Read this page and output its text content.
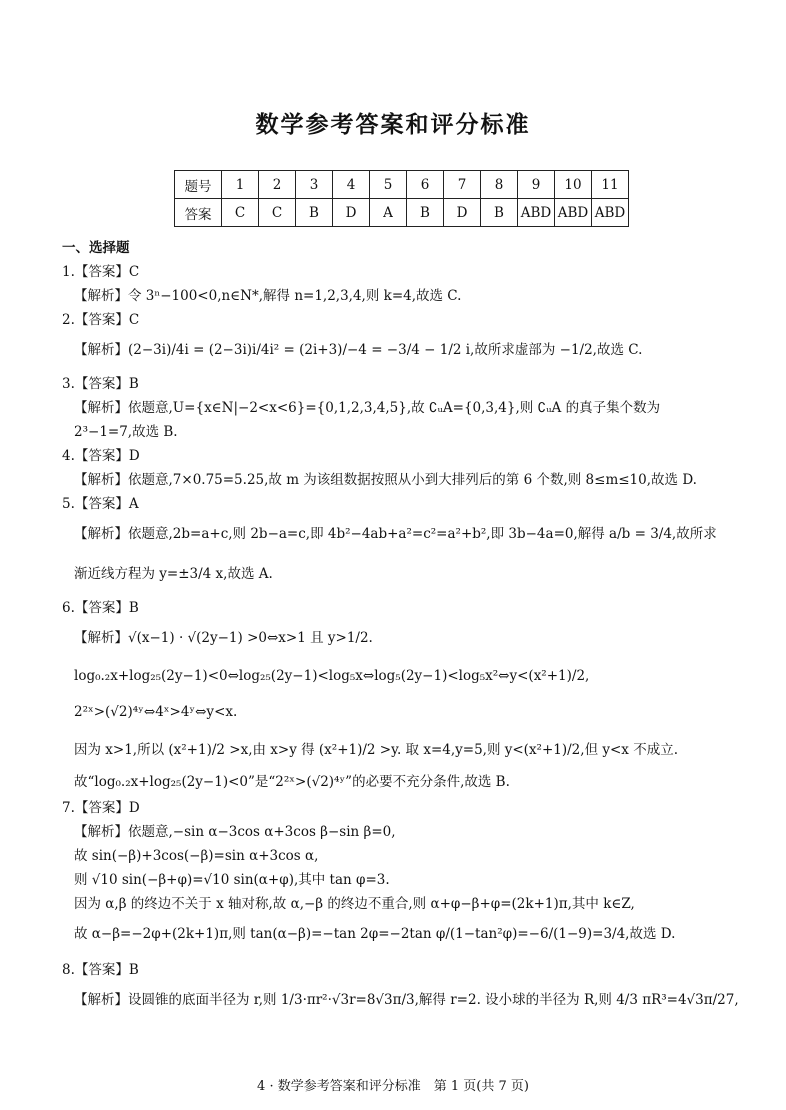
数学参考答案和评分标准
题号	1	2	3	4	5	6	7	8	9	10	11
答案	C	C	B	D	A	B	D	B	ABD	ABD	ABD
一、选择题
1.【答案】C
【解析】令 3ⁿ−100<0,n∈N*,解得 n=1,2,3,4,则 k=4,故选 C.
2.【答案】C
【解析】(2−3i)/4i = (2−3i)i/4i² = (2i+3)/−4 = −3/4 − 1/2 i,故所求虚部为 −1/2,故选 C.
3.【答案】B
【解析】依题意,U={x∈N|−2<x<6}={0,1,2,3,4,5},故 ∁ᵤA={0,3,4},则 ∁ᵤA 的真子集个数为
2³−1=7,故选 B.
4.【答案】D
【解析】依题意,7×0.75=5.25,故 m 为该组数据按照从小到大排列后的第 6 个数,则 8≤m≤10,故选 D.
5.【答案】A
【解析】依题意,2b=a+c,则 2b−a=c,即 4b²−4ab+a²=c²=a²+b²,即 3b−4a=0,解得 a/b = 3/4,故所求
渐近线方程为 y=±3/4 x,故选 A.
6.【答案】B
【解析】√(x−1) · √(2y−1) >0⇔x>1 且 y>1/2.
log₀.₂x+log₂₅(2y−1)<0⇔log₂₅(2y−1)<log₅x⇔log₅(2y−1)<log₅x²⇔y<(x²+1)/2,
2²ˣ>(√2)⁴ʸ⇔4ˣ>4ʸ⇔y<x.
因为 x>1,所以 (x²+1)/2 >x,由 x>y 得 (x²+1)/2 >y. 取 x=4,y=5,则 y<(x²+1)/2,但 y<x 不成立.
故“log₀.₂x+log₂₅(2y−1)<0”是“2²ˣ>(√2)⁴ʸ”的必要不充分条件,故选 B.
7.【答案】D
【解析】依题意,−sin α−3cos α+3cos β−sin β=0,
故 sin(−β)+3cos(−β)=sin α+3cos α,
则 √10 sin(−β+φ)=√10 sin(α+φ),其中 tan φ=3.
因为 α,β 的终边不关于 x 轴对称,故 α,−β 的终边不重合,则 α+φ−β+φ=(2k+1)π,其中 k∈Z,
故 α−β=−2φ+(2k+1)π,则 tan(α−β)=−tan 2φ=−2tan φ/(1−tan²φ)=−6/(1−9)=3/4,故选 D.
8.【答案】B
【解析】设圆锥的底面半径为 r,则 1/3·πr²·√3r=8√3π/3,解得 r=2. 设小球的半径为 R,则 4/3 πR³=4√3π/27,
4 · 数学参考答案和评分标准　第 1 页(共 7 页)
